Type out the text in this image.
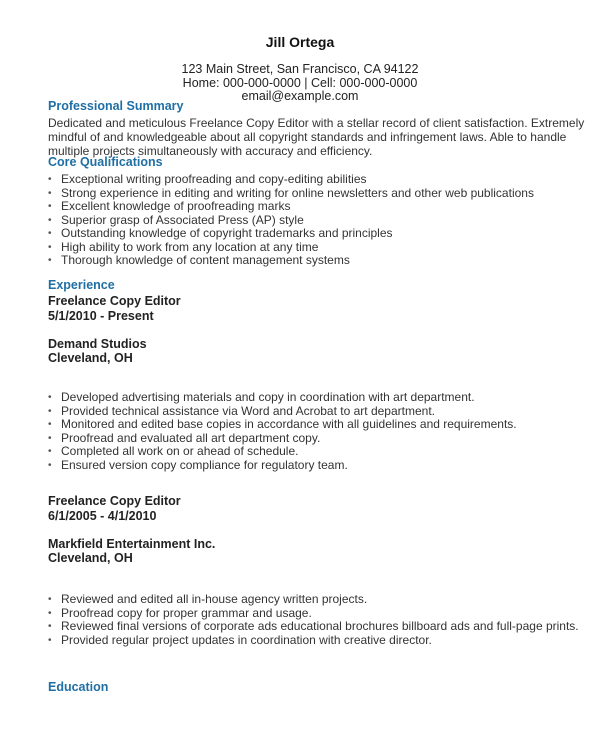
Jill Ortega
123 Main Street, San Francisco, CA 94122
Home: 000-000-0000 | Cell: 000-000-0000
email@example.com
Professional Summary
Dedicated and meticulous Freelance Copy Editor with a stellar record of client satisfaction. Extremely mindful of and knowledgeable about all copyright standards and infringement laws. Able to handle multiple projects simultaneously with accuracy and efficiency.
Core Qualifications
• Exceptional writing proofreading and copy-editing abilities
• Strong experience in editing and writing for online newsletters and other web publications
• Excellent knowledge of proofreading marks
• Superior grasp of Associated Press (AP) style
• Outstanding knowledge of copyright trademarks and principles
• High ability to work from any location at any time
• Thorough knowledge of content management systems
Experience
Freelance Copy Editor
5/1/2010 - Present
Demand Studios
Cleveland, OH
• Developed advertising materials and copy in coordination with art department.
• Provided technical assistance via Word and Acrobat to art department.
• Monitored and edited base copies in accordance with all guidelines and requirements.
• Proofread and evaluated all art department copy.
• Completed all work on or ahead of schedule.
• Ensured version copy compliance for regulatory team.
Freelance Copy Editor
6/1/2005 - 4/1/2010
Markfield Entertainment Inc.
Cleveland, OH
• Reviewed and edited all in-house agency written projects.
• Proofread copy for proper grammar and usage.
• Reviewed final versions of corporate ads educational brochures billboard ads and full-page prints.
• Provided regular project updates in coordination with creative director.
Education
